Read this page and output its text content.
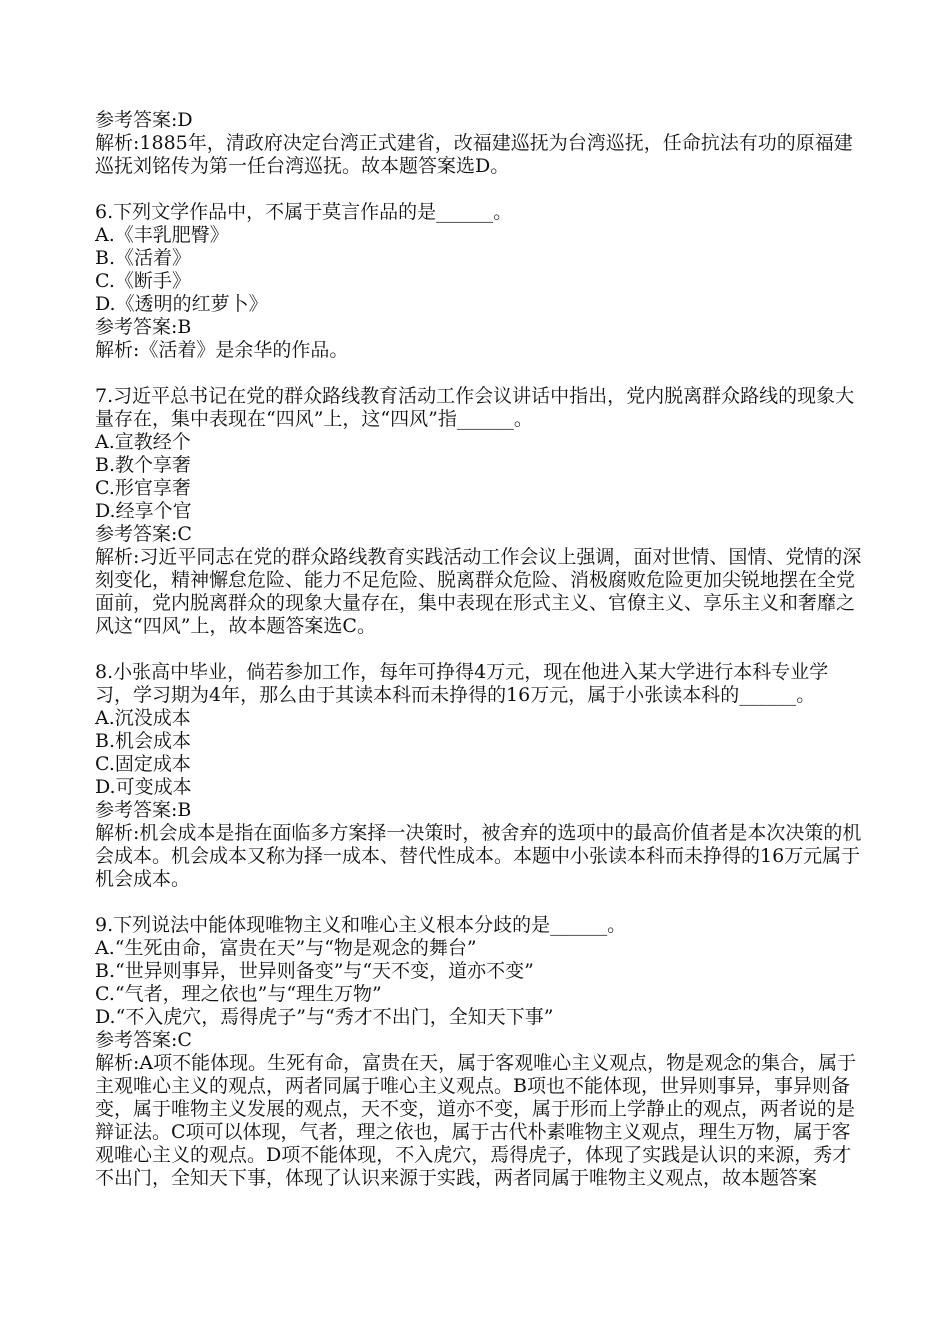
参考答案:D
解析:1885年，清政府决定台湾正式建省，改福建巡抚为台湾巡抚，任命抗法有功的原福建巡抚刘铭传为第一任台湾巡抚。故本题答案选D。
6.下列文学作品中，不属于莫言作品的是______。
A.《丰乳肥臀》
B.《活着》
C.《断手》
D.《透明的红萝卜》
参考答案:B
解析:《活着》是余华的作品。
7.习近平总书记在党的群众路线教育活动工作会议讲话中指出，党内脱离群众路线的现象大量存在，集中表现在“四风”上，这“四风”指______。
A.宣教经个
B.教个享奢
C.形官享奢
D.经享个官
参考答案:C
解析:习近平同志在党的群众路线教育实践活动工作会议上强调，面对世情、国情、党情的深刻变化，精神懈怠危险、能力不足危险、脱离群众危险、消极腐败危险更加尖锐地摆在全党面前，党内脱离群众的现象大量存在，集中表现在形式主义、官僚主义、享乐主义和奢靡之风这“四风”上，故本题答案选C。
8.小张高中毕业，倘若参加工作，每年可挣得4万元，现在他进入某大学进行本科专业学习，学习期为4年，那么由于其读本科而未挣得的16万元，属于小张读本科的______。
A.沉没成本
B.机会成本
C.固定成本
D.可变成本
参考答案:B
解析:机会成本是指在面临多方案择一决策时，被舍弃的选项中的最高价值者是本次决策的机会成本。机会成本又称为择一成本、替代性成本。本题中小张读本科而未挣得的16万元属于机会成本。
9.下列说法中能体现唯物主义和唯心主义根本分歧的是______。
A.“生死由命，富贵在天”与“物是观念的舞台”
B.“世异则事异，世异则备变”与“天不变，道亦不变”
C.“气者，理之依也”与“理生万物”
D.“不入虎穴，焉得虎子”与“秀才不出门，全知天下事”
参考答案:C
解析:A项不能体现。生死有命，富贵在天，属于客观唯心主义观点，物是观念的集合，属于主观唯心主义的观点，两者同属于唯心主义观点。B项也不能体现，世异则事异，事异则备变，属于唯物主义发展的观点，天不变，道亦不变，属于形而上学静止的观点，两者说的是辩证法。C项可以体现，气者，理之依也，属于古代朴素唯物主义观点，理生万物，属于客观唯心主义的观点。D项不能体现，不入虎穴，焉得虎子，体现了实践是认识的来源，秀才不出门，全知天下事，体现了认识来源于实践，两者同属于唯物主义观点，故本题答案
